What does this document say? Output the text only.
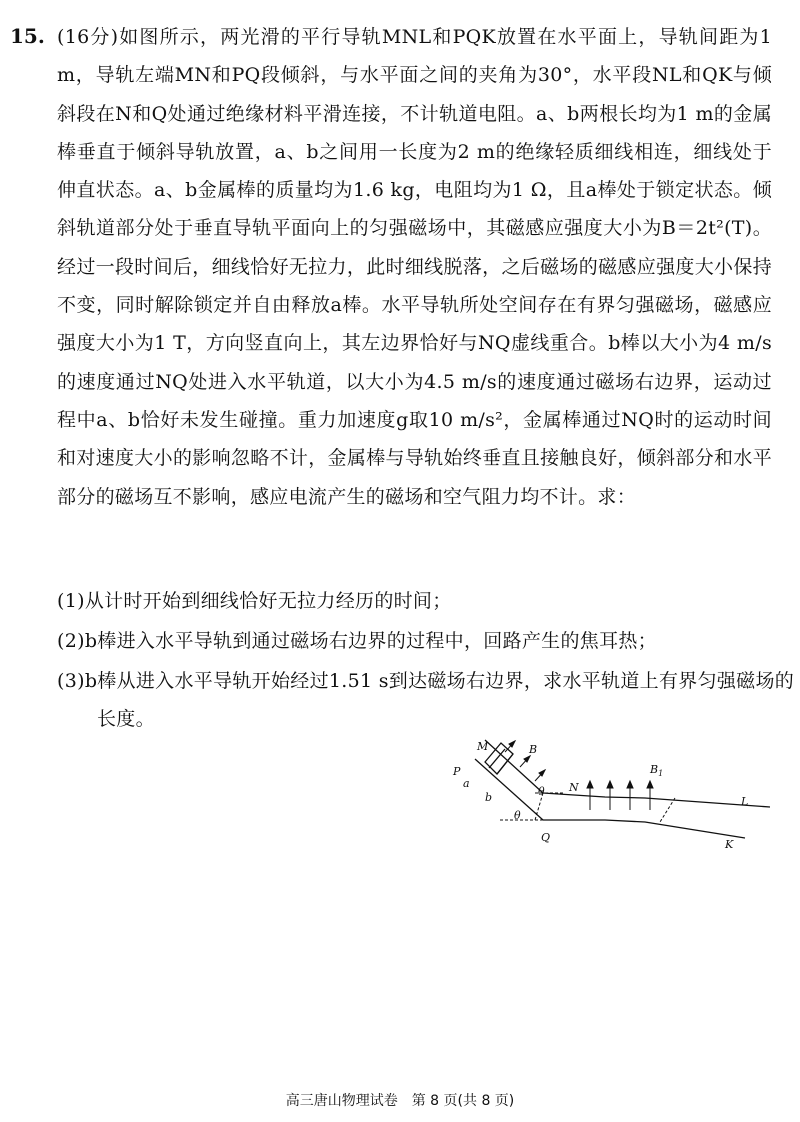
15. (16分)如图所示，两光滑的平行导轨MNL和PQK放置在水平面上，导轨间距为1 m，导轨左端MN和PQ段倾斜，与水平面之间的夹角为30°，水平段NL和QK与倾斜段在N和Q处通过绝缘材料平滑连接，不计轨道电阻。a、b两根长均为1 m的金属棒垂直于倾斜导轨放置，a、b之间用一长度为2 m的绝缘轻质细线相连，细线处于伸直状态。a、b金属棒的质量均为1.6 kg，电阻均为1 Ω，且a棒处于锁定状态。倾斜轨道部分处于垂直导轨平面向上的匀强磁场中，其磁感应强度大小为B＝2t²(T)。经过一段时间后，细线恰好无拉力，此时细线脱落，之后磁场的磁感应强度大小保持不变，同时解除锁定并自由释放a棒。水平导轨所处空间存在有界匀强磁场，磁感应强度大小为1 T，方向竖直向上，其左边界恰好与NQ虚线重合。b棒以大小为4 m/s的速度通过NQ处进入水平轨道，以大小为4.5 m/s的速度通过磁场右边界，运动过程中a、b恰好未发生碰撞。重力加速度g取10 m/s²，金属棒通过NQ时的运动时间和对速度大小的影响忽略不计，金属棒与导轨始终垂直且接触良好，倾斜部分和水平部分的磁场互不影响，感应电流产生的磁场和空气阻力均不计。求：

(1)从计时开始到细线恰好无拉力经历的时间；

(2)b棒进入水平导轨到通过磁场右边界的过程中，回路产生的焦耳热；

(3)b棒从进入水平导轨开始经过1.51 s到达磁场右边界，求水平轨道上有界匀强磁场的长度。

M
P
a
b
B
$B_1$
N
Q
L
K
θ
θ
高三唐山物理试卷　第 8 页(共 8 页)
